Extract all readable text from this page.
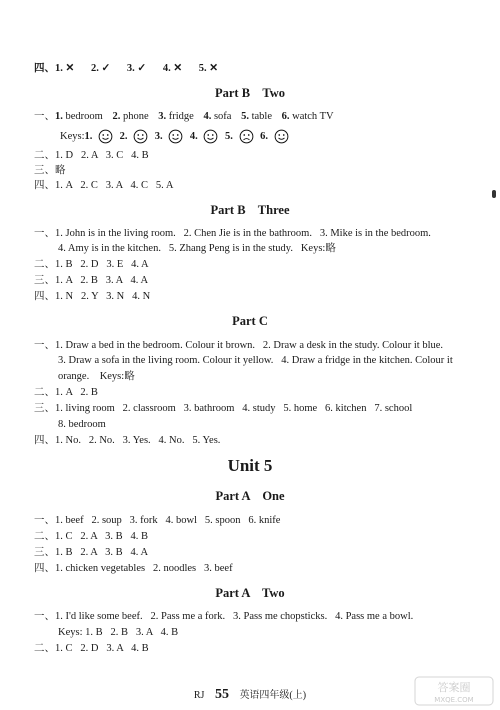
四、1. ✕ 2. ✓ 3. ✓ 4. ✕ 5. ✕
Part B    Two
一、1. bedroom 2. phone 3. fridge 4. sofa 5. table 6. watch TV
Keys:1.	2.	3.	4.	5.	6.
二、1. D   2. A   3. C   4. B
三、略
四、1. A   2. C   3. A   4. C   5. A
Part B    Three
一、1. John is in the living room.   2. Chen Jie is in the bathroom.   3. Mike is in the bedroom.
4. Amy is in the kitchen.   5. Zhang Peng is in the study.   Keys:略
二、1. B   2. D   3. E   4. A
三、1. A   2. B   3. A   4. A
四、1. N   2. Y   3. N   4. N
Part C
一、1. Draw a bed in the bedroom. Colour it brown.   2. Draw a desk in the study. Colour it blue.
3. Draw a sofa in the living room. Colour it yellow.   4. Draw a fridge in the kitchen. Colour it
orange.    Keys:略
二、1. A   2. B
三、1. living room   2. classroom   3. bathroom   4. study   5. home   6. kitchen   7. school
8. bedroom
四、1. No.   2. No.   3. Yes.   4. No.   5. Yes.
Unit 5
Part A    One
一、1. beef   2. soup   3. fork   4. bowl   5. spoon   6. knife
二、1. C   2. A   3. B   4. B
三、1. B   2. A   3. B   4. A
四、1. chicken vegetables   2. noodles   3. beef
Part A    Two
一、1. I'd like some beef.   2. Pass me a fork.   3. Pass me chopsticks.   4. Pass me a bowl.
Keys: 1. B   2. B   3. A   4. B
二、1. C   2. D   3. A   4. B
RJ 55 英语四年级(上)
答案圈
MXQE.COM
